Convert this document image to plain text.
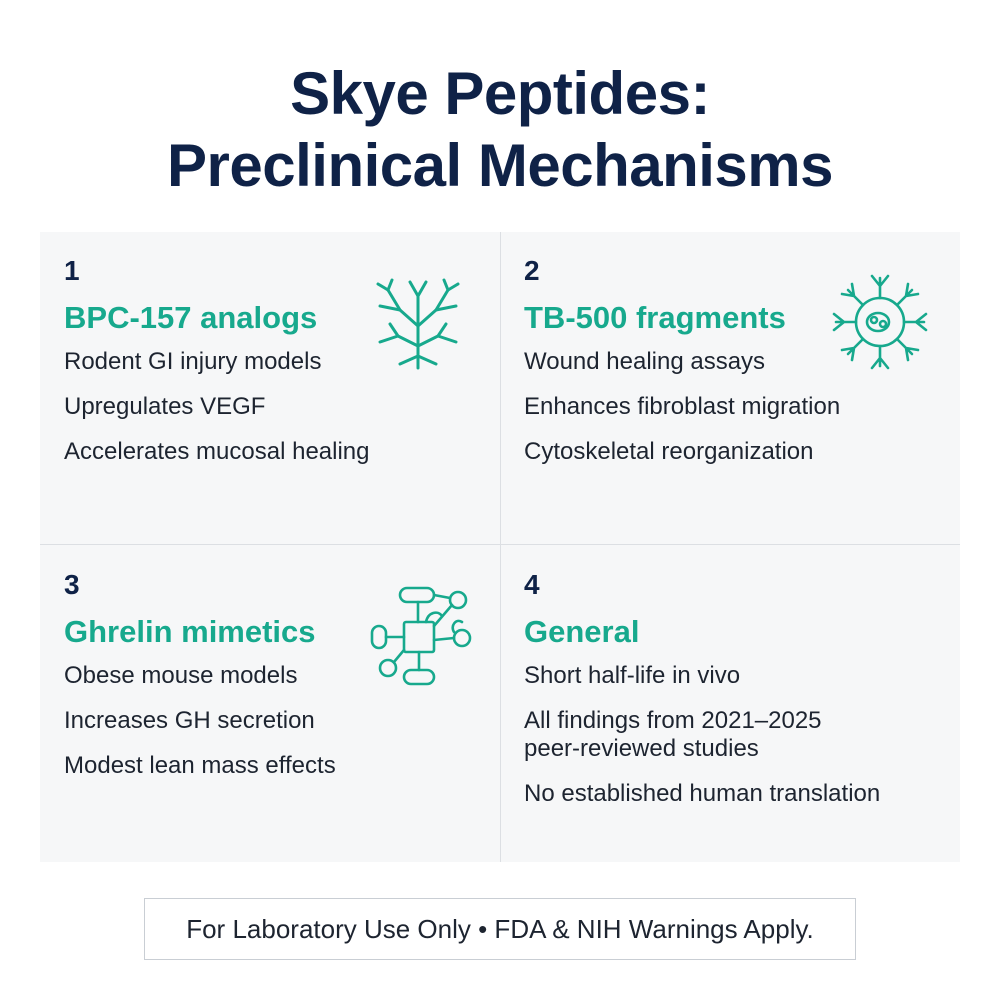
Skye Peptides:
Preclinical Mechanisms
1
BPC-157 analogs
Rodent GI injury models
Upregulates VEGF
Accelerates mucosal healing
2
TB-500 fragments
Wound healing assays
Enhances fibroblast migration
Cytoskeletal reorganization
3
Ghrelin mimetics
Obese mouse models
Increases GH secretion
Modest lean mass effects
4
General
Short half-life in vivo
All findings from 2021–2025 peer-reviewed studies
No established human translation
For Laboratory Use Only • FDA & NIH Warnings Apply.
